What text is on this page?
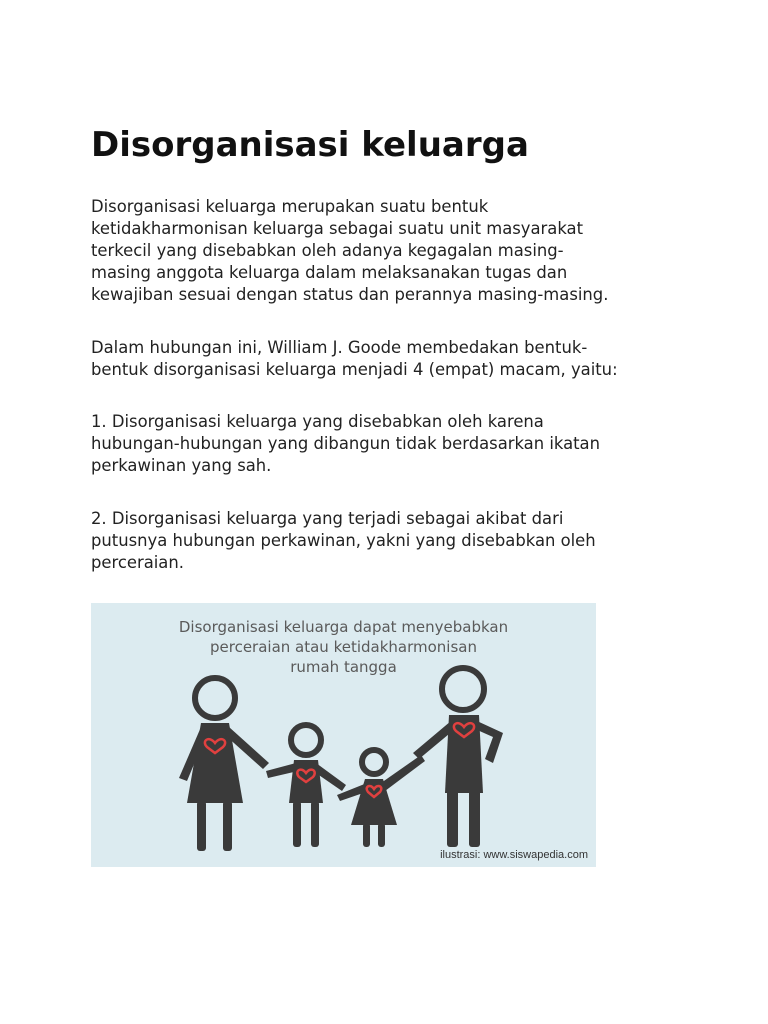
Disorganisasi keluarga

Disorganisasi keluarga merupakan suatu bentuk
ketidakharmonisan keluarga sebagai suatu unit masyarakat
terkecil yang disebabkan oleh adanya kegagalan masing-
masing anggota keluarga dalam melaksanakan tugas dan
kewajiban sesuai dengan status dan perannya masing-masing.

Dalam hubungan ini, William J. Goode membedakan bentuk-
bentuk disorganisasi keluarga menjadi 4 (empat) macam, yaitu:

1. Disorganisasi keluarga yang disebabkan oleh karena
hubungan-hubungan yang dibangun tidak berdasarkan ikatan
perkawinan yang sah.

2. Disorganisasi keluarga yang terjadi sebagai akibat dari
putusnya hubungan perkawinan, yakni yang disebabkan oleh
perceraian.

Disorganisasi keluarga dapat menyebabkan
perceraian atau ketidakharmonisan
rumah tangga
ilustrasi: www.siswapedia.com
